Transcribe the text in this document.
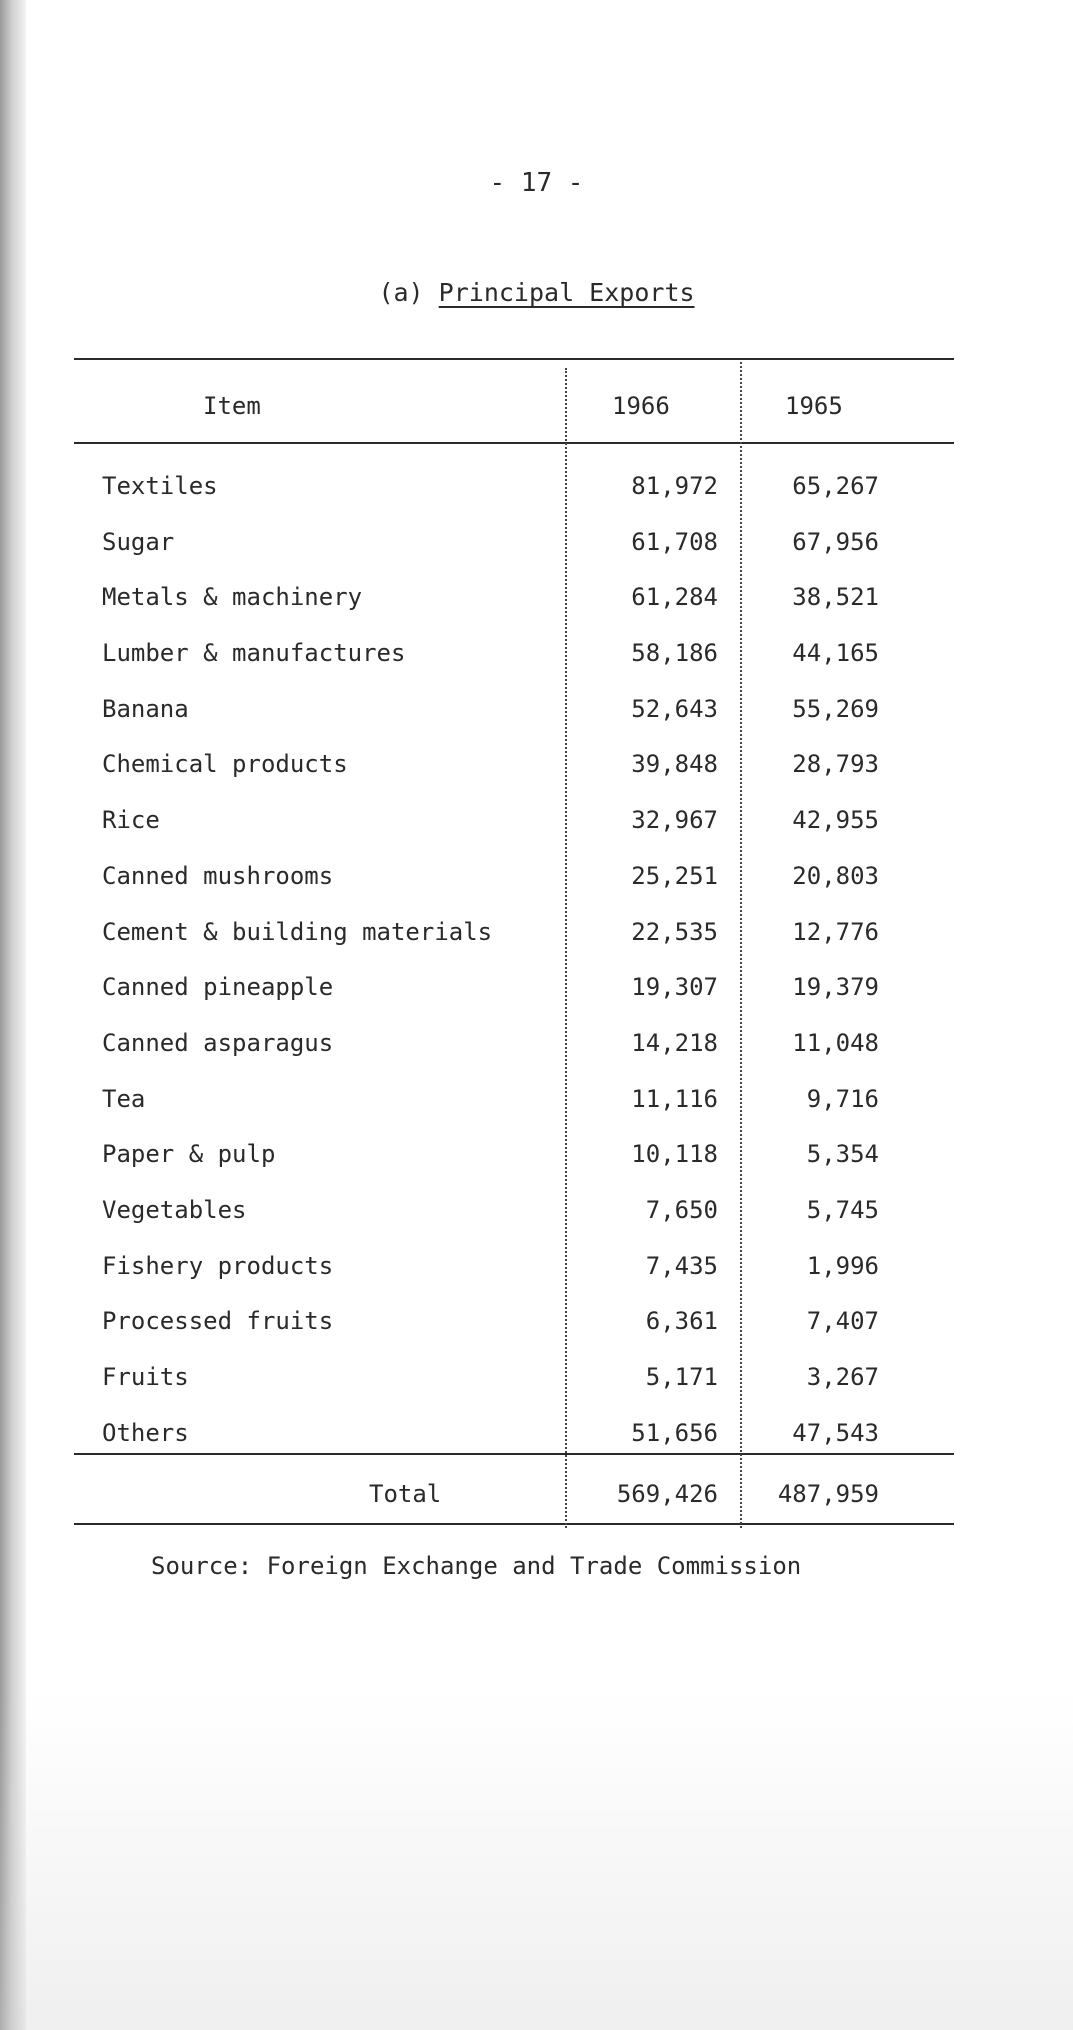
- 17 -
(a) Principal Exports
Item	1966	1965
Textiles	81,972	65,267
Sugar	61,708	67,956
Metals & machinery	61,284	38,521
Lumber & manufactures	58,186	44,165
Banana	52,643	55,269
Chemical products	39,848	28,793
Rice	32,967	42,955
Canned mushrooms	25,251	20,803
Cement & building materials	22,535	12,776
Canned pineapple	19,307	19,379
Canned asparagus	14,218	11,048
Tea	11,116	9,716
Paper & pulp	10,118	5,354
Vegetables	7,650	5,745
Fishery products	7,435	1,996
Processed fruits	6,361	7,407
Fruits	5,171	3,267
Others	51,656	47,543
Total	569,426 487,959
Source: Foreign Exchange and Trade Commission
